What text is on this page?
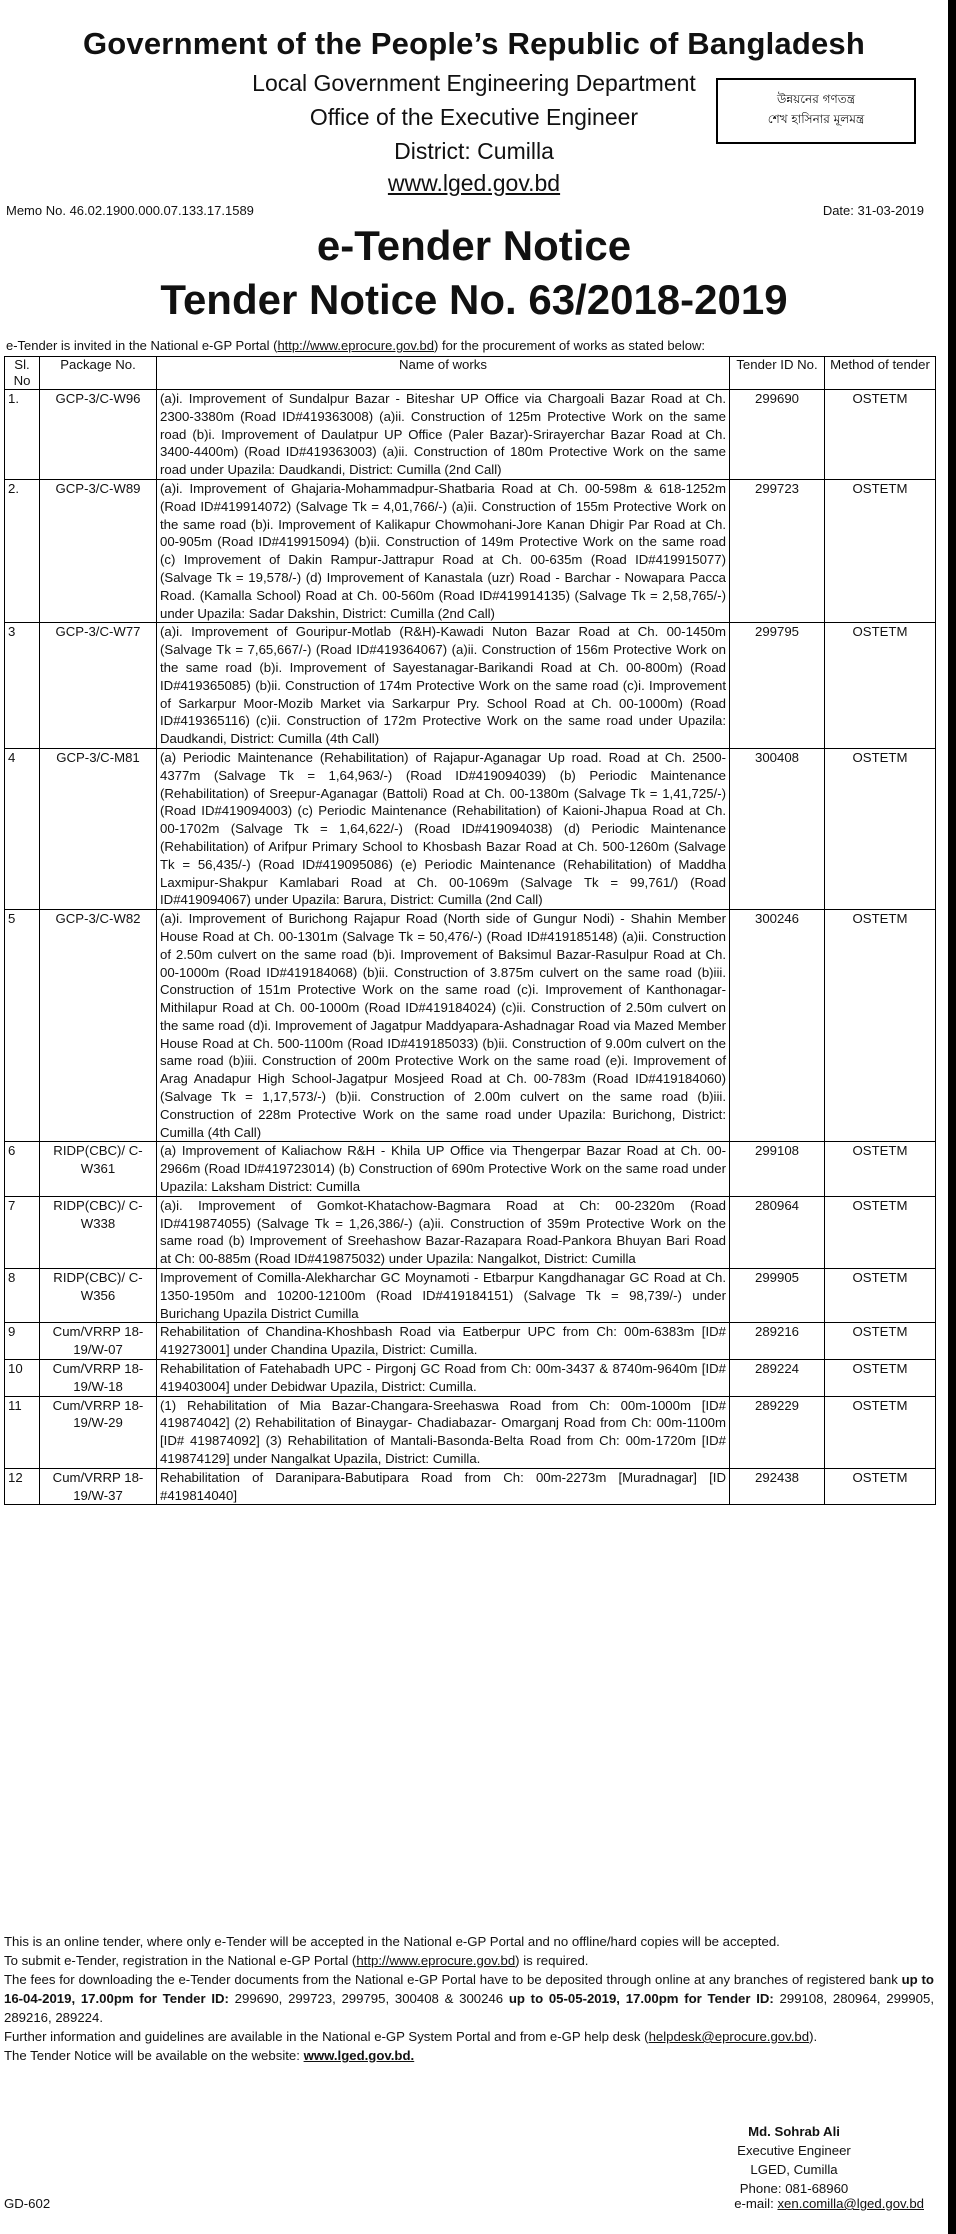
Government of the People’s Republic of Bangladesh
Local Government Engineering Department
Office of the Executive Engineer
District: Cumilla
www.lged.gov.bd
উন্নয়নের গণতন্ত্র
শেখ হাসিনার মূলমন্ত্র
Memo No. 46.02.1900.000.07.133.17.1589	Date: 31-03-2019
e-Tender Notice
Tender Notice No. 63/2018-2019
e-Tender is invited in the National e-GP Portal (http://www.eprocure.gov.bd) for the procurement of works as stated below:
Sl. No	Package No.	Name of works	Tender ID No.	Method of tender
1.	GCP-3/C-W96	(a)i. Improvement of Sundalpur Bazar - Biteshar UP Office via Chargoali Bazar Road at Ch. 2300-3380m (Road ID#419363008) (a)ii. Construction of 125m Protective Work on the same road (b)i. Improvement of Daulatpur UP Office (Paler Bazar)-Srirayerchar Bazar Road at Ch. 3400-4400m) (Road ID#419363003) (a)ii. Construction of 180m Protective Work on the same road under Upazila: Daudkandi, District: Cumilla (2nd Call)	299690	OSTETM
2.	GCP-3/C-W89	(a)i. Improvement of Ghajaria-Mohammadpur-Shatbaria Road at Ch. 00-598m & 618-1252m (Road ID#419914072) (Salvage Tk = 4,01,766/-) (a)ii. Construction of 155m Protective Work on the same road (b)i. Improvement of Kalikapur Chowmohani-Jore Kanan Dhigir Par Road at Ch. 00-905m (Road ID#419915094) (b)ii. Construction of 149m Protective Work on the same road (c) Improvement of Dakin Rampur-Jattrapur Road at Ch. 00-635m (Road ID#419915077) (Salvage Tk = 19,578/-) (d) Improvement of Kanastala (uzr) Road - Barchar - Nowapara Pacca Road. (Kamalla School) Road at Ch. 00-560m (Road ID#419914135) (Salvage Tk = 2,58,765/-) under Upazila: Sadar Dakshin, District: Cumilla (2nd Call)	299723	OSTETM
3	GCP-3/C-W77	(a)i. Improvement of Gouripur-Motlab (R&H)-Kawadi Nuton Bazar Road at Ch. 00-1450m (Salvage Tk = 7,65,667/-) (Road ID#419364067) (a)ii. Construction of 156m Protective Work on the same road (b)i. Improvement of Sayestanagar-Barikandi Road at Ch. 00-800m) (Road ID#419365085) (b)ii. Construction of 174m Protective Work on the same road (c)i. Improvement of Sarkarpur Moor-Mozib Market via Sarkarpur Pry. School Road at Ch. 00-1000m) (Road ID#419365116) (c)ii. Construction of 172m Protective Work on the same road under Upazila: Daudkandi, District: Cumilla (4th Call)	299795	OSTETM
4	GCP-3/C-M81	(a) Periodic Maintenance (Rehabilitation) of Rajapur-Aganagar Up road. Road at Ch. 2500-4377m (Salvage Tk = 1,64,963/-) (Road ID#419094039) (b) Periodic Maintenance (Rehabilitation) of Sreepur-Aganagar (Battoli) Road at Ch. 00-1380m (Salvage Tk = 1,41,725/-) (Road ID#419094003) (c) Periodic Maintenance (Rehabilitation) of Kaioni-Jhapua Road at Ch. 00-1702m (Salvage Tk = 1,64,622/-) (Road ID#419094038) (d) Periodic Maintenance (Rehabilitation) of Arifpur Primary School to Khosbash Bazar Road at Ch. 500-1260m (Salvage Tk = 56,435/-) (Road ID#419095086) (e) Periodic Maintenance (Rehabilitation) of Maddha Laxmipur-Shakpur Kamlabari Road at Ch. 00-1069m (Salvage Tk = 99,761/) (Road ID#419094067) under Upazila: Barura, District: Cumilla (2nd Call)	300408	OSTETM
5	GCP-3/C-W82	(a)i. Improvement of Burichong Rajapur Road (North side of Gungur Nodi) - Shahin Member House Road at Ch. 00-1301m (Salvage Tk = 50,476/-) (Road ID#419185148) (a)ii. Construction of 2.50m culvert on the same road (b)i. Improvement of Baksimul Bazar-Rasulpur Road at Ch. 00-1000m (Road ID#419184068) (b)ii. Construction of 3.875m culvert on the same road (b)iii. Construction of 151m Protective Work on the same road (c)i. Improvement of Kanthonagar-Mithilapur Road at Ch. 00-1000m (Road ID#419184024) (c)ii. Construction of 2.50m culvert on the same road (d)i. Improvement of Jagatpur Maddyapara-Ashadnagar Road via Mazed Member House Road at Ch. 500-1100m (Road ID#419185033) (b)ii. Construction of 9.00m culvert on the same road (b)iii. Construction of 200m Protective Work on the same road (e)i. Improvement of Arag Anadapur High School-Jagatpur Mosjeed Road at Ch. 00-783m (Road ID#419184060) (Salvage Tk = 1,17,573/-) (b)ii. Construction of 2.00m culvert on the same road (b)iii. Construction of 228m Protective Work on the same road under Upazila: Burichong, District: Cumilla (4th Call)	300246	OSTETM
6	RIDP(CBC)/ C-W361	(a) Improvement of Kaliachow R&H - Khila UP Office via Thengerpar Bazar Road at Ch. 00-2966m (Road ID#419723014) (b) Construction of 690m Protective Work on the same road under Upazila: Laksham District: Cumilla	299108	OSTETM
7	RIDP(CBC)/ C-W338	(a)i. Improvement of Gomkot-Khatachow-Bagmara Road at Ch: 00-2320m (Road ID#419874055) (Salvage Tk = 1,26,386/-) (a)ii. Construction of 359m Protective Work on the same road (b) Improvement of Sreehashow Bazar-Razapara Road-Pankora Bhuyan Bari Road at Ch: 00-885m (Road ID#419875032) under Upazila: Nangalkot, District: Cumilla	280964	OSTETM
8	RIDP(CBC)/ C-W356	Improvement of Comilla-Alekharchar GC Moynamoti - Etbarpur Kangdhanagar GC Road at Ch. 1350-1950m and 10200-12100m (Road ID#419184151) (Salvage Tk = 98,739/-) under Burichang Upazila District Cumilla	299905	OSTETM
9	Cum/VRRP 18-19/W-07	Rehabilitation of Chandina-Khoshbash Road via Eatberpur UPC from Ch: 00m-6383m [ID# 419273001] under Chandina Upazila, District: Cumilla.	289216	OSTETM
10	Cum/VRRP 18-19/W-18	Rehabilitation of Fatehabadh UPC - Pirgonj GC Road from Ch: 00m-3437 & 8740m-9640m [ID# 419403004] under Debidwar Upazila, District: Cumilla.	289224	OSTETM
11	Cum/VRRP 18-19/W-29	(1) Rehabilitation of Mia Bazar-Changara-Sreehaswa Road from Ch: 00m-1000m [ID# 419874042] (2) Rehabilitation of Binaygar- Chadiabazar- Omarganj Road from Ch: 00m-1100m [ID# 419874092] (3) Rehabilitation of Mantali-Basonda-Belta Road from Ch: 00m-1720m [ID# 419874129] under Nangalkat Upazila, District: Cumilla.	289229	OSTETM
12	Cum/VRRP 18-19/W-37	Rehabilitation of Daranipara-Babutipara Road from Ch: 00m-2273m [Muradnagar] [ID #419814040]	292438	OSTETM
This is an online tender, where only e-Tender will be accepted in the National e-GP Portal and no offline/hard copies will be accepted.
To submit e-Tender, registration in the National e-GP Portal (http://www.eprocure.gov.bd) is required.
The fees for downloading the e-Tender documents from the National e-GP Portal have to be deposited through online at any branches of registered bank up to 16-04-2019, 17.00pm for Tender ID: 299690, 299723, 299795, 300408 & 300246 up to 05-05-2019, 17.00pm for Tender ID: 299108, 280964, 299905, 289216, 289224.
Further information and guidelines are available in the National e-GP System Portal and from e-GP help desk (helpdesk@eprocure.gov.bd).
The Tender Notice will be available on the website: www.lged.gov.bd.
Md. Sohrab Ali
Executive Engineer
LGED, Cumilla
Phone: 081-68960
GD-602	e-mail: xen.comilla@lged.gov.bd
